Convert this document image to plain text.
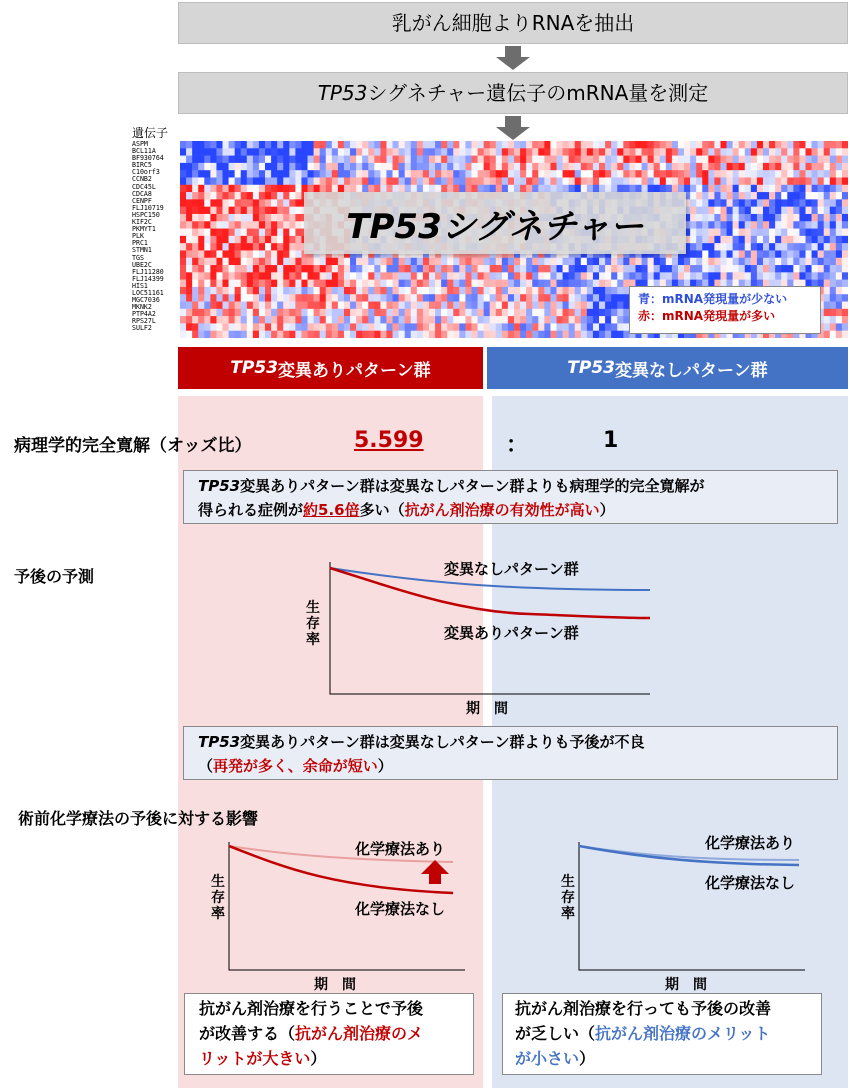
乳がん細胞よりRNAを抽出
TP53シグネチャー遺伝子のmRNA量を測定
遺伝子
ASPM
BCL11A
BF930764
BIRC5
C10orf3
CCNB2
CDC45L
CDCA8
CENPF
FLJ10719
HSPC150
KIF2C
PKMYT1
PLK
PRC1
STMN1
TGS
UBE2C
FLJ11280
FLJ14399
HIS1
LOC51161
MGC7036
MKNK2
PTP4A2
RPS27L
SULF2
TP53シグネチャー
青：mRNA発現量が少ない
赤：mRNA発現量が多い
TP53 変異ありパターン群	TP53 変異なしパターン群
病理学的完全寛解（オッズ比）	5.599	：	1
TP53変異ありパターン群は変異なしパターン群よりも病理学的完全寛解が
得られる症例が約5.6倍多い（抗がん剤治療の有効性が高い）
予後の予測
生存率
期　間
変異なしパターン群
変異ありパターン群
TP53変異ありパターン群は変異なしパターン群よりも予後が不良
（再発が多く、余命が短い）
術前化学療法の予後に対する影響
生存率
期　間
化学療法あり
化学療法なし
抗がん剤治療を行うことで予後
が改善する（抗がん剤治療のメ
リットが大きい）
生存率
期　間
化学療法あり
化学療法なし
抗がん剤治療を行っても予後の改善
が乏しい（抗がん剤治療のメリット
が小さい）
